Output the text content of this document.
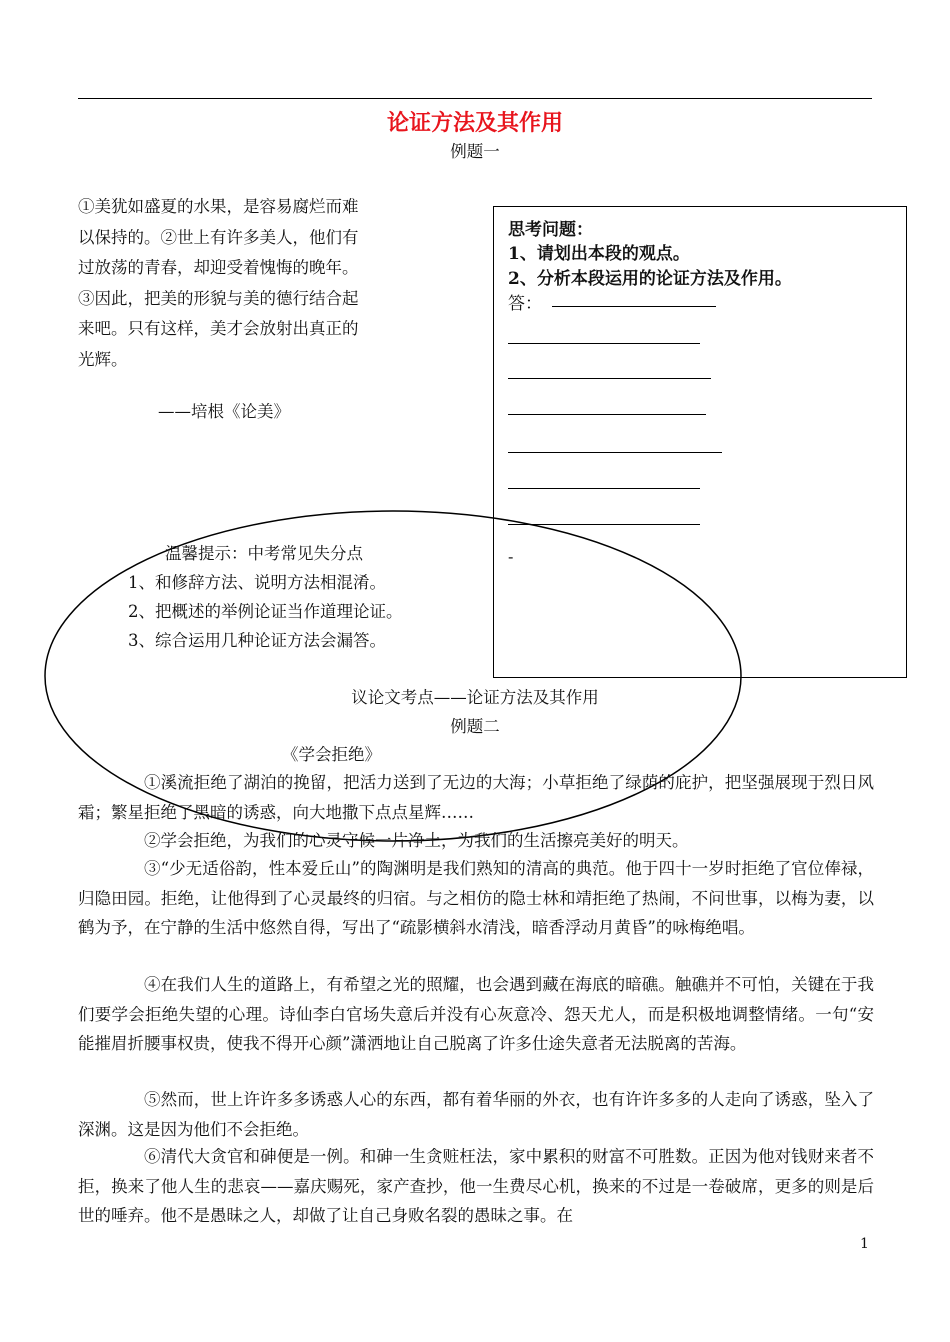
论证方法及其作用
例题一
①美犹如盛夏的水果，是容易腐烂而难以保持的。②世上有许多美人，他们有过放荡的青春，却迎受着愧悔的晚年。③因此，把美的形貌与美的德行结合起来吧。只有这样，美才会放射出真正的光辉。
——培根《论美》
思考问题：
1、请划出本段的观点。
2、分析本段运用的论证方法及作用。
答：
-
温馨提示：中考常见失分点
1、和修辞方法、说明方法相混淆。
2、把概述的举例论证当作道理论证。
3、综合运用几种论证方法会漏答。
议论文考点——论证方法及其作用
例题二
《学会拒绝》
①溪流拒绝了湖泊的挽留，把活力送到了无边的大海；小草拒绝了绿荫的庇护，把坚强展现于烈日风霜；繁星拒绝了黑暗的诱惑，向大地撒下点点星辉……
②学会拒绝，为我们的心灵守候一片净土，为我们的生活擦亮美好的明天。
③“少无适俗韵，性本爱丘山”的陶渊明是我们熟知的清高的典范。他于四十一岁时拒绝了官位俸禄，归隐田园。拒绝，让他得到了心灵最终的归宿。与之相仿的隐士林和靖拒绝了热闹，不问世事，以梅为妻，以鹤为予，在宁静的生活中悠然自得，写出了“疏影横斜水清浅，暗香浮动月黄昏”的咏梅绝唱。
④在我们人生的道路上，有希望之光的照耀，也会遇到藏在海底的暗礁。触礁并不可怕，关键在于我们要学会拒绝失望的心理。诗仙李白官场失意后并没有心灰意冷、怨天尤人，而是积极地调整情绪。一句“安能摧眉折腰事权贵，使我不得开心颜”潇洒地让自己脱离了许多仕途失意者无法脱离的苦海。
⑤然而，世上许许多多诱惑人心的东西，都有着华丽的外衣，也有许许多多的人走向了诱惑，坠入了深渊。这是因为他们不会拒绝。
⑥清代大贪官和砷便是一例。和砷一生贪赃枉法，家中累积的财富不可胜数。正因为他对钱财来者不拒，换来了他人生的悲哀——嘉庆赐死，家产查抄，他一生费尽心机，换来的不过是一卷破席，更多的则是后世的唾弃。他不是愚昧之人，却做了让自己身败名裂的愚昧之事。在
1
